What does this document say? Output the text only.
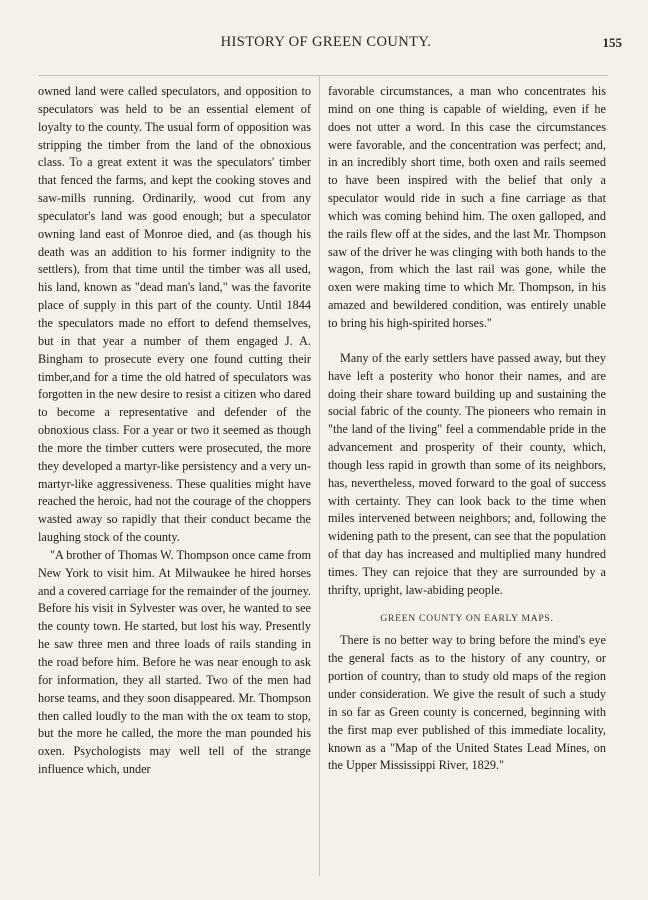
HISTORY OF GREEN COUNTY.	155

owned land were called speculators, and opposition to speculators was held to be an essential element of loyalty to the county. The usual form of opposition was stripping the timber from the land of the obnoxious class. To a great extent it was the speculators' timber that fenced the farms, and kept the cooking stoves and saw-mills running. Ordinarily, wood cut from any speculator's land was good enough; but a speculator owning land east of Monroe died, and (as though his death was an addition to his former indignity to the settlers), from that time until the timber was all used, his land, known as "dead man's land," was the favorite place of supply in this part of the county. Until 1844 the speculators made no effort to defend themselves, but in that year a number of them engaged J. A. Bingham to prosecute every one found cutting their timber,and for a time the old hatred of speculators was forgotten in the new desire to resist a citizen who dared to become a representative and defender of the obnoxious class. For a year or two it seemed as though the more the timber cutters were prosecuted, the more they developed a martyr-like persistency and a very un-martyr-like aggressiveness. These qualities might have reached the heroic, had not the courage of the choppers wasted away so rapidly that their conduct became the laughing stock of the county.

"A brother of Thomas W. Thompson once came from New York to visit him. At Milwaukee he hired horses and a covered carriage for the remainder of the journey. Before his visit in Sylvester was over, he wanted to see the county town. He started, but lost his way. Presently he saw three men and three loads of rails standing in the road before him. Before he was near enough to ask for information, they all started. Two of the men had horse teams, and they soon disappeared. Mr. Thompson then called loudly to the man with the ox team to stop, but the more he called, the more the man pounded his oxen. Psychologists may well tell of the strange influence which, under

favorable circumstances, a man who concentrates his mind on one thing is capable of wielding, even if he does not utter a word. In this case the circumstances were favorable, and the concentration was perfect; and, in an incredibly short time, both oxen and rails seemed to have been inspired with the belief that only a speculator would ride in such a fine carriage as that which was coming behind him. The oxen galloped, and the rails flew off at the sides, and the last Mr. Thompson saw of the driver he was clinging with both hands to the wagon, from which the last rail was gone, while the oxen were making time to which Mr. Thompson, in his amazed and bewildered condition, was entirely unable to bring his high-spirited horses."

Many of the early settlers have passed away, but they have left a posterity who honor their names, and are doing their share toward building up and sustaining the social fabric of the county. The pioneers who remain in "the land of the living" feel a commendable pride in the advancement and prosperity of their county, which, though less rapid in growth than some of its neighbors, has, nevertheless, moved forward to the goal of success with certainty. They can look back to the time when miles intervened between neighbors; and, following the widening path to the present, can see that the population of that day has increased and multiplied many hundred times. They can rejoice that they are surrounded by a thrifty, upright, law-abiding people.

GREEN COUNTY ON EARLY MAPS.

There is no better way to bring before the mind's eye the general facts as to the history of any country, or portion of country, than to study old maps of the region under consideration. We give the result of such a study in so far as Green county is concerned, beginning with the first map ever published of this immediate locality, known as a "Map of the United States Lead Mines, on the Upper Mississippi River, 1829."
